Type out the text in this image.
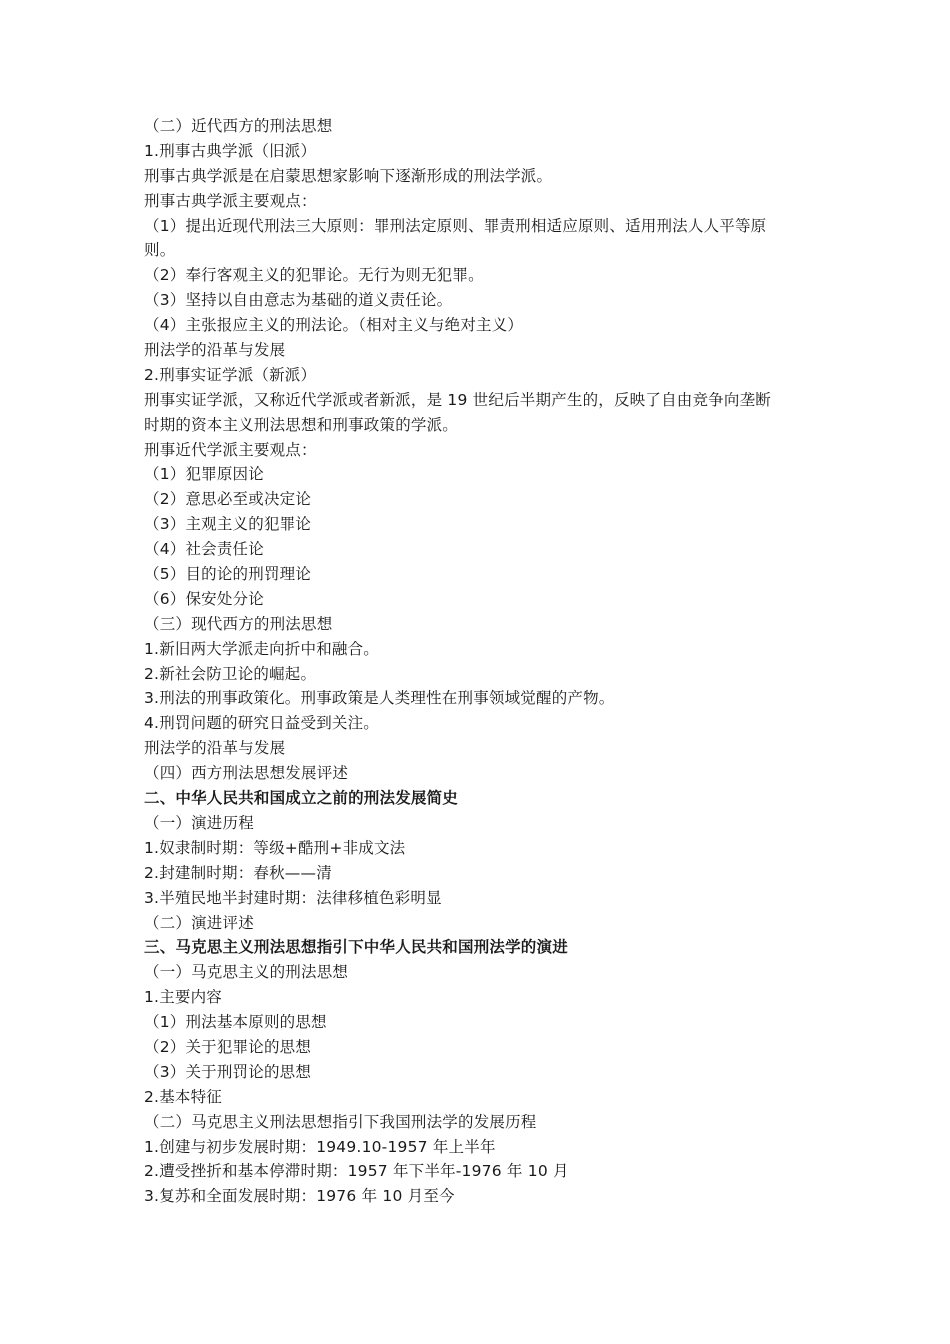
（二）近代西方的刑法思想
1.刑事古典学派（旧派）
刑事古典学派是在启蒙思想家影响下逐渐形成的刑法学派。
刑事古典学派主要观点：
（1）提出近现代刑法三大原则：罪刑法定原则、罪责刑相适应原则、适用刑法人人平等原
则。
（2）奉行客观主义的犯罪论。无行为则无犯罪。
（3）坚持以自由意志为基础的道义责任论。
（4）主张报应主义的刑法论。（相对主义与绝对主义）
刑法学的沿革与发展
2.刑事实证学派（新派）
刑事实证学派，又称近代学派或者新派，是 19 世纪后半期产生的，反映了自由竞争向垄断
时期的资本主义刑法思想和刑事政策的学派。
刑事近代学派主要观点：
（1）犯罪原因论
（2）意思必至或决定论
（3）主观主义的犯罪论
（4）社会责任论
（5）目的论的刑罚理论
（6）保安处分论
（三）现代西方的刑法思想
1.新旧两大学派走向折中和融合。
2.新社会防卫论的崛起。
3.刑法的刑事政策化。刑事政策是人类理性在刑事领域觉醒的产物。
4.刑罚问题的研究日益受到关注。
刑法学的沿革与发展
（四）西方刑法思想发展评述
二、中华人民共和国成立之前的刑法发展简史
（一）演进历程
1.奴隶制时期：等级+酷刑+非成文法
2.封建制时期：春秋——清
3.半殖民地半封建时期：法律移植色彩明显
（二）演进评述
三、马克思主义刑法思想指引下中华人民共和国刑法学的演进
（一）马克思主义的刑法思想
1.主要内容
（1）刑法基本原则的思想
（2）关于犯罪论的思想
（3）关于刑罚论的思想
2.基本特征
（二）马克思主义刑法思想指引下我国刑法学的发展历程
1.创建与初步发展时期：1949.10-1957 年上半年
2.遭受挫折和基本停滞时期：1957 年下半年-1976 年 10 月
3.复苏和全面发展时期：1976 年 10 月至今
